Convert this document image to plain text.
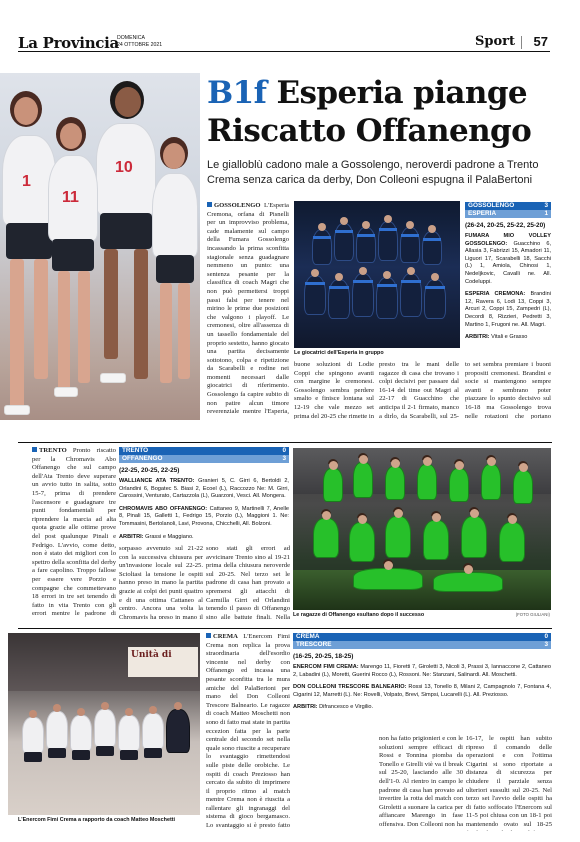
La Provincia
DOMENICA
24 OTTOBRE 2021	Sport 57
1
10
11
B1f Esperia piange
Riscatto Offanengo
Le gialloblù cadono male a Gossolengo, neroverdi padrone a Trento Crema senza carica da derby, Don Colleoni espugna il PalaBertoni
GOSSOLENGO L'Esperia Cremona, orfana di Pisnelli per un improvviso problema, cade malamente sul campo della Fumara Gossolengo incassando la prima sconfitta stagionale senza guadagnare nemmeno un punto: una sentenza pesante per la classifica di coach Magri che non può permettersi troppi passi falsi per tenere nel mirino le prime due posizioni che valgono i playoff. Le cremonesi, oltre all'assenza di un tassello fondamentale del proprio sestetto, hanno giocato una partita decisamente sottotono, colpa e ripetizione da Scarabelli e rodine nei momenti necessari dalle giocatrici di riferimento. Gossolengo fa capire subito di non patire alcun timore reverenziale mentre l'Esperia,
Le giocatrici dell'Esperia in gruppo
buone soluzioni di Lodie Coppi che spingono avanti con margine le cremonesi. Gossolengo sembra perdere smalto e finisce lontana sul 12-19 che vale mezzo set prima del 20-25 che rimette in
presto tra le mani delle ragazze di casa che trovano i colpi decisivi per passare dal 16-14 del time out Magri al 22-17 di Guacchino che anticipa il 2-1 firmato, manco a dirlo, da Scarabelli, sul 25-
to set sembra premiare i buoni propositi cremonesi. Brandini e socie si mantengono sempre avanti e sembrano poter piazzare lo spunto decisivo sul 16-18 ma Gossolengo trova nelle rotazioni che portano
GOSSOLENGO	3
ESPERIA	1
(26-24, 20-25, 25-22, 25-20)
FUMARA MIO VOLLEY GOSSOLENGO: Guacchino 6, Allasia 3, Fabrizzi 15, Amadori 11, Liguori 17, Scarabelli 18, Sacchi (L) 1, Amiola, Chinosi 1, Nedeljkovic, Cavalli ne. All. Codeluppi.
ESPERIA CREMONA: Brandini 12, Ravera 6, Lodi 13, Coppi 3, Arcuri 2, Coppi 15, Zampedri (L), Decordi 8, Rizzieri, Pedretti 3, Martino 1, Frugoni ne. All. Magri.
ARBITRI: Vitali e Grasso
TRENTO Pronto riscatto per la Chromavis Abo Offanengo che sul campo dell'Ata Trento deve superare un avvio tutto in salita, sotto 15-7, prima di prendere l'ascensore e guadagnare tre punti fondamentali per riprendere la marcia ad alta quota grazie alle ottime prove del post qualunque Pinali e Fedrigo. L'avvio, come detto, non è stato dei migliori con lo spettro della sconfitta del derby a fare capolino. Troppo fallose per essere vere Porzio e compagne che commettevano 18 errori in tre set tenendo di fatto in vita Trento con gli errori mentre le padrone di
TRENTO	0
OFFANENGO	3
(22-25, 20-25, 22-25)
WALLIANCE ATA TRENTO: Granieri 5, C. Girri 6, Bertoldi 2, Orlandini 6, Bogatec 5. Biasi 2, Ecoel (L), Raccozzo Ne: M. Girri, Carossini, Venturato, Cartazzola (L), Guarzoni, Vesci. All. Mongera.
CHROMAVIS ABO OFFANENGO: Cattaneo 9, Martinelli 7, Anelle 8, Pinali 15, Galletti 1, Fedrigo 15, Porzio (L), Maggioni 1. Ne: Tommasini, Bertolanoli, Lavi, Provona, Chicchelli, All. Bolzoni.
ARBITRI: Grassi e Maggiano.
sorpasso avvenuto sul 21-22 con la successiva chiusura per un'invasione locale sul 22-25. Scioltasi la tensione le ospiti hanno preso in mano la partita grazie ai colpi dei punti quattro e di una ottima Cattaneo al centro. Ancora una volta la Chromavis ha preso in mano il
sono stati gli errori ad avvicinare Trento sino al 19-21 prima della chiusura neroverde sul 20-25. Nel terzo set le padrone di casa han provato a spremersi gli attacchi di Carmilla Girri ed Orlandini tenendo il passo di Offanengo sino alle battute finali. Nella Le ragazze di Offanengo esultano dopo il successo	(FOTO GIULIANI)
Unità di
L'Enercom Fimi Crema a rapporto da coach Matteo Moschetti
CREMA L'Enercom Fimi Crema non replica la prova straordinaria dell'esordio vincente nel derby con Offanengo ed incassa una pesante sconfitta tra le mura amiche del PalaBertoni per mano del Don Colleoni Trescore Balneario. Le ragazze di coach Matteo Moschetti non sono di fatto mai state in partita eccezion fatta per la parte centrale del secondo set nella quale sono riuscite a recuperare lo svantaggio rimettendosi sulle piste delle orobiche. Le ospiti di coach Preziosso han cercato da subito di imprimere il proprio ritmo al match mentre Crema non è riuscita a rallentare gli ingranaggi del sistema di gioco bergamasco. Lo svantaggio si è presto fatto
CREMA	0
TRESCORE	3
(16-25, 20-25, 18-25)
ENERCOM FIMI CREMA: Marengo 11, Fioretti 7, Giroletti 3, Nicoli 3, Prassi 3, Iannaccone 2, Cattaneo 2, Labadini (L), Moretti, Guerini Rocco (L), Rossoni. Ne: Stanzani, Salinardi. All. Moschetti.
DON COLLEONI TRESCORE BALNEARIO: Rossi 13, Tonello 8, Milani 2, Campagnolo 7, Fontana 4, Cigarini 12, Marretti (L). Ne: Rovelli, Volpato, Brevi, Simpsi, Lucarelli (L). All. Preziosso.
ARBITRI: Difrancesco e Virgilio.
non ha fatto prigionieri e con le soluzioni sempre efficaci di Rossi e Tonnina piomba da Tonello e Girelli viè va il break sul 25-20, lasciando alle 30 dell'1-0. Al rientro in campo le padrone di casa han provato ad invertire la rotta del match con Giroletti a suonare la carica per affiancare Marengo in fase offensiva. Don Colleoni non ha
16-17, le ospiti han subito ripreso il comando delle operazioni e con l'ottima Cigarini si sono riportate a distanza di sicurezza per chiudere il parziale senza ulteriori sussulti sul 20-25. Nel terzo set l'avvio delle ospiti ha di fatto soffocato l'Enercom sul 11-5 poi chiusa con un 18-1 poi mantenendo ovato sul 18-25
